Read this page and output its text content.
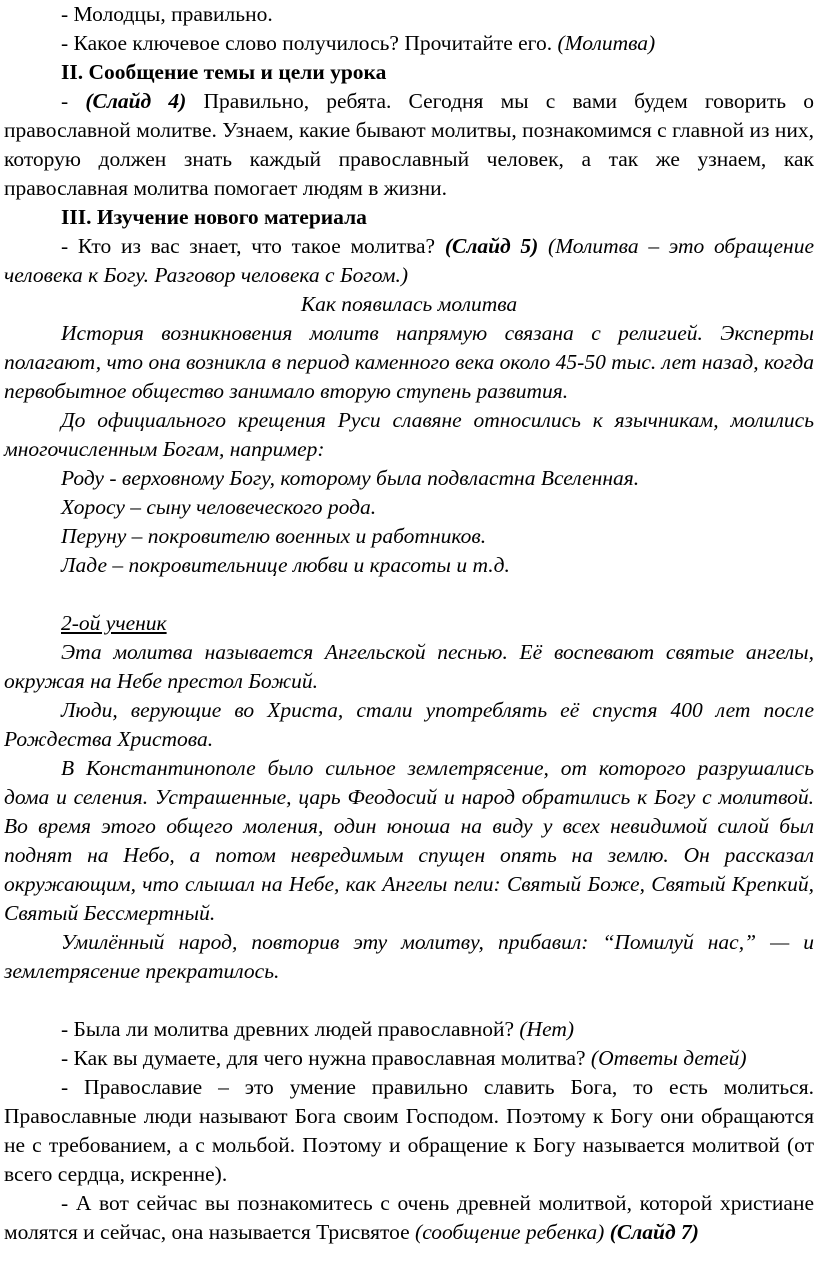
- Молодцы, правильно.

- Какое ключевое слово получилось? Прочитайте его. (Молитва)

II. Сообщение темы и цели урока

- (Слайд 4) Правильно, ребята. Сегодня мы с вами будем говорить о православной молитве. Узнаем, какие бывают молитвы, познакомимся с главной из них, которую должен знать каждый православный человек, а так же узнаем, как православная молитва помогает людям в жизни.

III. Изучение нового материала

- Кто из вас знает, что такое молитва? (Слайд 5) (Молитва – это обращение человека к Богу. Разговор человека с Богом.)

Как появилась молитва

История возникновения молитв напрямую связана с религией. Эксперты полагают, что она возникла в период каменного века около 45-50 тыс. лет назад, когда первобытное общество занимало вторую ступень развития.

До официального крещения Руси славяне относились к язычникам, молились многочисленным Богам, например:

Роду - верховному Богу, которому была подвластна Вселенная.

Хоросу – сыну человеческого рода.

Перуну – покровителю военных и работников.

Ладе – покровительнице любви и красоты и т.д.

2-ой ученик

Эта молитва называется Ангельской песнью. Её воспевают святые ангелы, окружая на Небе престол Божий.

Люди, верующие во Христа, стали употреблять её спустя 400 лет после Рождества Христова.

В Константинополе было сильное землетрясение, от которого разрушались дома и селения. Устрашенные, царь Феодосий и народ обратились к Богу с молитвой. Во время этого общего моления, один юноша на виду у всех невидимой силой был поднят на Небо, а потом невредимым спущен опять на землю. Он рассказал окружающим, что слышал на Небе, как Ангелы пели: Святый Боже, Святый Крепкий, Святый Бессмертный.

Умилённый народ, повторив эту молитву, прибавил: “Помилуй нас,” — и землетрясение прекратилось.

- Была ли молитва древних людей православной? (Нет)

- Как вы думаете, для чего нужна православная молитва? (Ответы детей)

- Православие – это умение правильно славить Бога, то есть молиться. Православные люди называют Бога своим Господом. Поэтому к Богу они обращаются не с требованием, а с мольбой. Поэтому и обращение к Богу называется молитвой (от всего сердца, искренне).

- А вот сейчас вы познакомитесь с очень древней молитвой, которой христиане молятся и сейчас, она называется Трисвятое (сообщение ребенка) (Слайд 7)
